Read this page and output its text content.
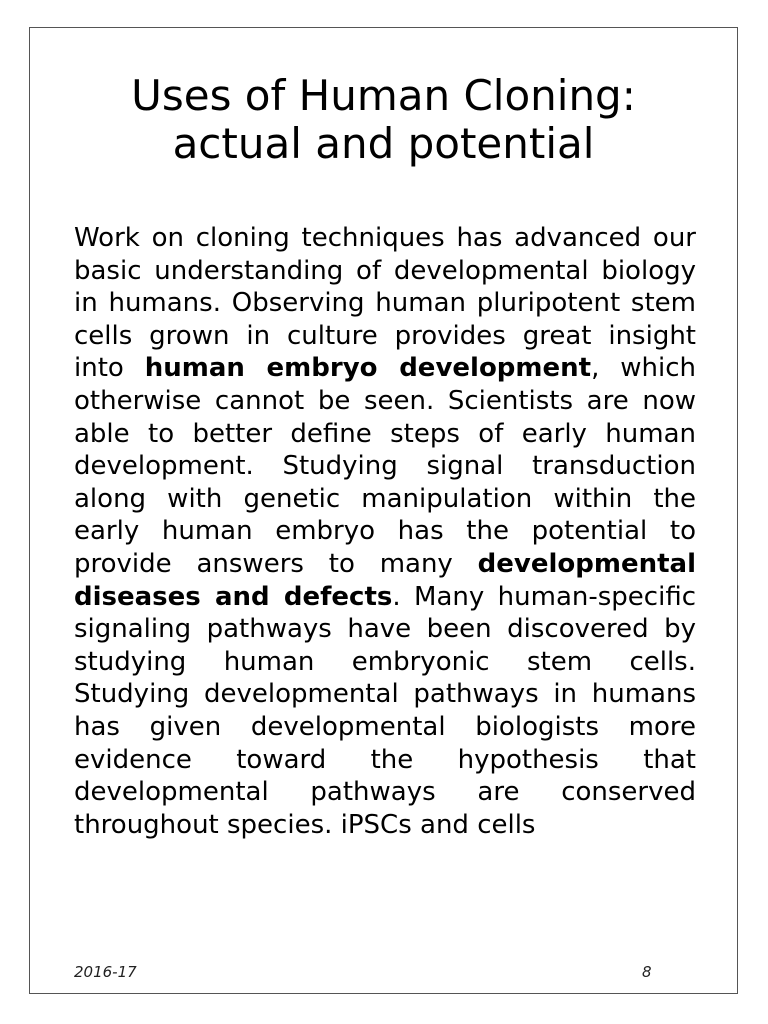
Uses of Human Cloning:
actual and potential

Work on cloning techniques has advanced our basic understanding of developmental biology in humans. Observing human pluripotent stem cells grown in culture provides great insight into human embryo development, which otherwise cannot be seen. Scientists are now able to better define steps of early human development. Studying signal transduction along with genetic manipulation within the early human embryo has the potential to provide answers to many developmental diseases and defects. Many human-specific signaling pathways have been discovered by studying human embryonic stem cells. Studying developmental pathways in humans has given developmental biologists more evidence toward the hypothesis that developmental pathways are conserved throughout species. iPSCs and cells

2016-17	8
